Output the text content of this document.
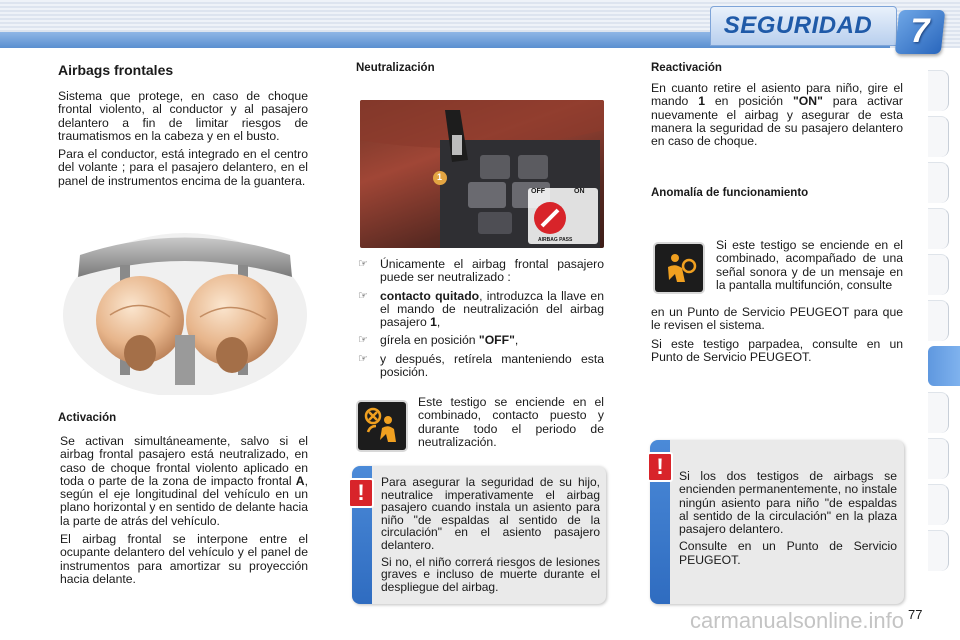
SEGURIDAD	7
Airbags frontales

Sistema que protege, en caso de choque frontal violento, al conductor y al pasajero delantero a fin de limitar riesgos de traumatismos en la cabeza y en el busto.

Para el conductor, está integrado en el centro del volante ; para el pasajero delantero, en el panel de instrumentos encima de la guantera.

Activación

Se activan simultáneamente, salvo si el airbag frontal pasajero está neutralizado, en caso de choque frontal violento aplicado en toda o parte de la zona de impacto frontal A, según el eje longitudinal del vehículo en un plano horizontal y en sentido de delante hacia la parte de atrás del vehículo.

El airbag frontal se interpone entre el ocupante delantero del vehículo y el panel de instrumentos para amortizar su proyección hacia delante.

Neutralización
OFF	ON
AIRBAG PASS
1
☞ Únicamente el airbag frontal pasajero puede ser neutralizado :
☞ contacto quitado, introduzca la llave en el mando de neutralización del airbag pasajero 1,
☞ gírela en posición "OFF",
☞ y después, retírela manteniendo esta posición.
Este testigo se enciende en el combinado, contacto puesto y durante todo el periodo de neutralización.
!	Para asegurar la seguridad de su hijo, neutralice imperativamente el airbag pasajero cuando instala un asiento para niño "de espaldas al sentido de la circulación" en el asiento pasajero delantero.

Si no, el niño correrá riesgos de lesiones graves e incluso de muerte durante el despliegue del airbag.

Reactivación

En cuanto retire el asiento para niño, gire el mando 1 en posición "ON" para activar nuevamente el airbag y asegurar de esta manera la seguridad de su pasajero delantero en caso de choque.

Anomalía de funcionamiento
Si este testigo se enciende en el combinado, acompañado de una señal sonora y de un mensaje en la pantalla multifunción, consulte

en un Punto de Servicio PEUGEOT para que le revisen el sistema.

Si este testigo parpadea, consulte en un Punto de Servicio PEUGEOT.

!	Si los dos testigos de airbags se encienden permanentemente, no instale ningún asiento para niño "de espaldas al sentido de la circulación" en la plaza pasajero delantero.

Consulte en un Punto de Servicio PEUGEOT.

77
carmanualsonline.info
